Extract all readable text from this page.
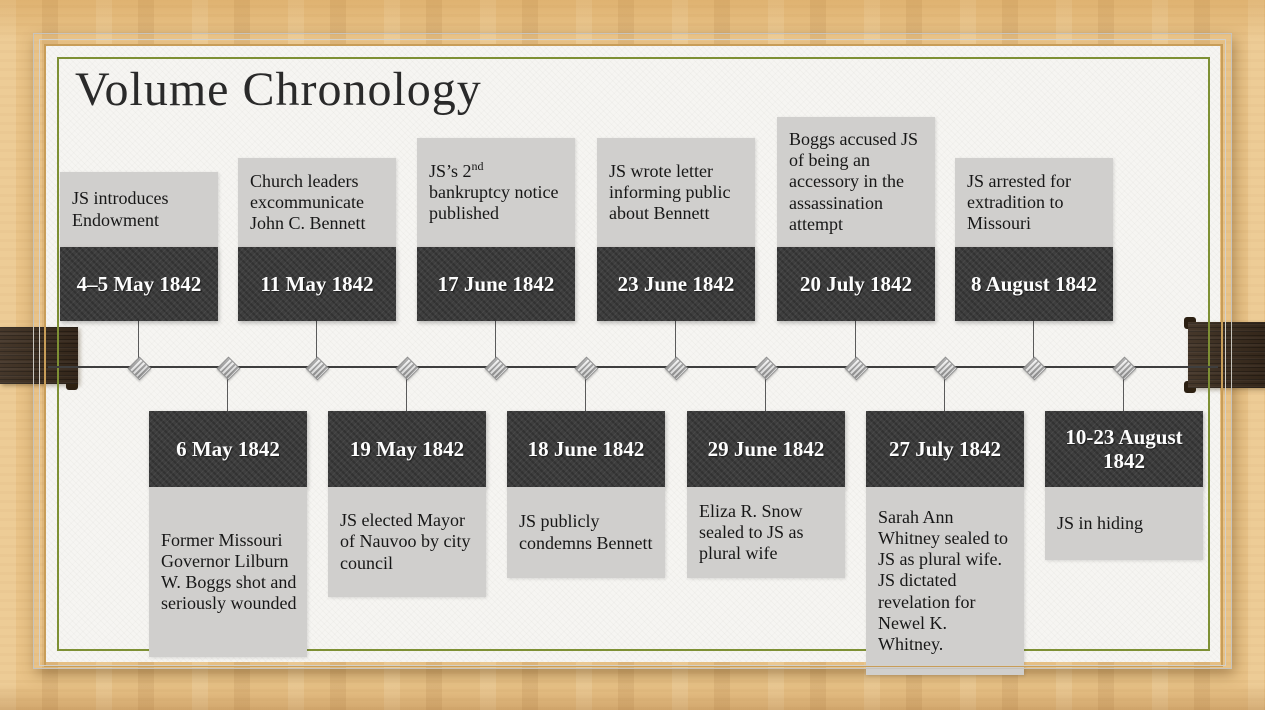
Volume Chronology
JS introduces Endowment
4–5 May 1842
Church leaders excommunicate John C. Bennett
11 May 1842
JS’s 2nd bankruptcy notice published
17 June 1842
JS wrote letter informing public about Bennett
23 June 1842
Boggs accused JS of being an accessory in the assassination attempt
20 July 1842
JS arrested for extradition to Missouri
8 August 1842
6 May 1842
Former Missouri Governor Lilburn W. Boggs shot and seriously wounded
19 May 1842
JS elected Mayor of Nauvoo by city council
18 June 1842
JS publicly condemns Bennett
29 June 1842
Eliza R. Snow sealed to JS as plural wife
27 July 1842
Sarah Ann Whitney sealed to JS as plural wife. JS dictated revelation for Newel K. Whitney.
10-23 August 1842
JS in hiding
